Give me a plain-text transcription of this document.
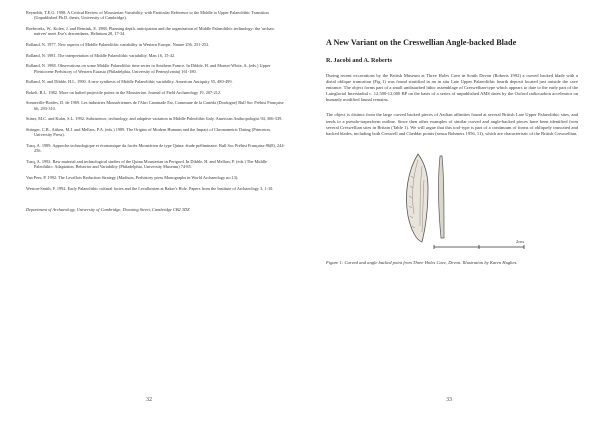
Reynolds, T.E.G. 1998. A Critical Review of Mousterian Variability, with Particular Reference to the Middle to Upper Palaeolithic Transition (Unpublished Ph.D. thesis, University of Cambridge).

Roebroeks, W., Kolen, J. and Rensink, E. 1988. Planning depth, anticipation and the organisation of Middle Palaeolithic technology: the 'archaic natives' meet Eve's descendants. Helinium 28, 17-34.

Rolland, N. 1977. New aspects of Middle Palaeolithic variability in Western Europe. Nature 256, 251-252.

Rolland, N. 1981. The interpretation of Middle Palaeolithic variability. Man 16, 15-42.

Rolland, N. 1988. Observations on some Middle Palaeolithic time series in Southern France. In Dibble, H. and Montet-White, A. (eds.) Upper Pleistocene Prehistory of Western Eurasia (Philadelphia, University of Pennsylvania) 161-180.

Rolland, N. and Dibble, H.L. 1990. A new synthesis of Middle Palaeolithic variability. American Antiquity 55, 480-499.

Bokelt, R.L. 1982. More on hafted projectile points in the Mousterian. Journal of Field Archaeology 19, 207-212.

Sonneville-Bordes, D. de 1969. Les industries Moustériennes de l'Abri Caminade Est, Commune de la Canéda (Dordogne) Bull Soc Préhist Française 66, 293-310.

Stiner, M.C. and Kuhn, S.L. 1992. Subsistence, technology, and adaptive variation in Middle Paleolithic Italy. American Anthropologist 94, 306-339.

Stringer, C.B., Aitken, M.J. and Mellars, P.A. (eds.) 1989. The Origins of Modern Humans and the Impact of Chronometric Dating (Princeton, University Press).

Tuzq, A. 1989. Approche technologique et économique du faciès Moustérien de type Quina: étude préliminaire. Bull Soc Préhist Française 86(8), 244-256.

Tuzq, A. 1992. Raw material and technological studies of the Quina Mousterian in Perigord. In Dibble, H. and Mellars, P. (eds.) The Middle Paleolithic: Adaptation, Behavior and Variability (Philadelphia, University Museum) 74-85.

Van Peer, P. 1992. The Levallois Reduction Strategy (Madison, Prehistory press Monographs in World Archaeology no.13).

Weston-Smith, F. 1992. Early Palaeolithic cultural facies and the Levalloisien at Baker's Hole. Papers from the Institute of Archaeology 3, 1-10.

Department of Archaeology, University of Cambridge, Downing Street, Cambridge CB2 3DZ
32
A New Variant on the Creswellian Angle-backed Blade
R. Jacobi and A. Roberts

During recent excavations by the British Museum at Three Holes Cave in South Devon (Roberts 1992) a curved backed blade with a distal oblique truncation (Fig 1) was found stratified in an in situ Late Upper Palaeolithic hearth deposit located just outside the cave entrance. The object forms part of a small undisturbed lithic assemblage of Creswellian-type which appears to date to the early part of the Lateglacial Interstadial c. 12,500-12,000 BP on the basis of a series of unpublished AMS dates by the Oxford radiocarbon accelerator on humanly modified faunal remains.

The object is distinct from the large curved backed pieces of Azilian affinities found at several British Late Upper Palaeolithic sites, and tends to a pseudo-trapezform outline. Since then other examples of similar curved and angle-backed pieces have been identified from several Creswellian sites in Britain (Table 1). We will argue that this tool-type is part of a continuum of forms of obliquely truncated and backed blades, including both Creswell and Cheddar points (sensu Bohmers 1956, 11), which are characteristic of the British Creswellian.

2cm
Figure 1: Curved and angle backed point from Three Holes Cave, Devon. Illustration by Karen Hughes.
33
